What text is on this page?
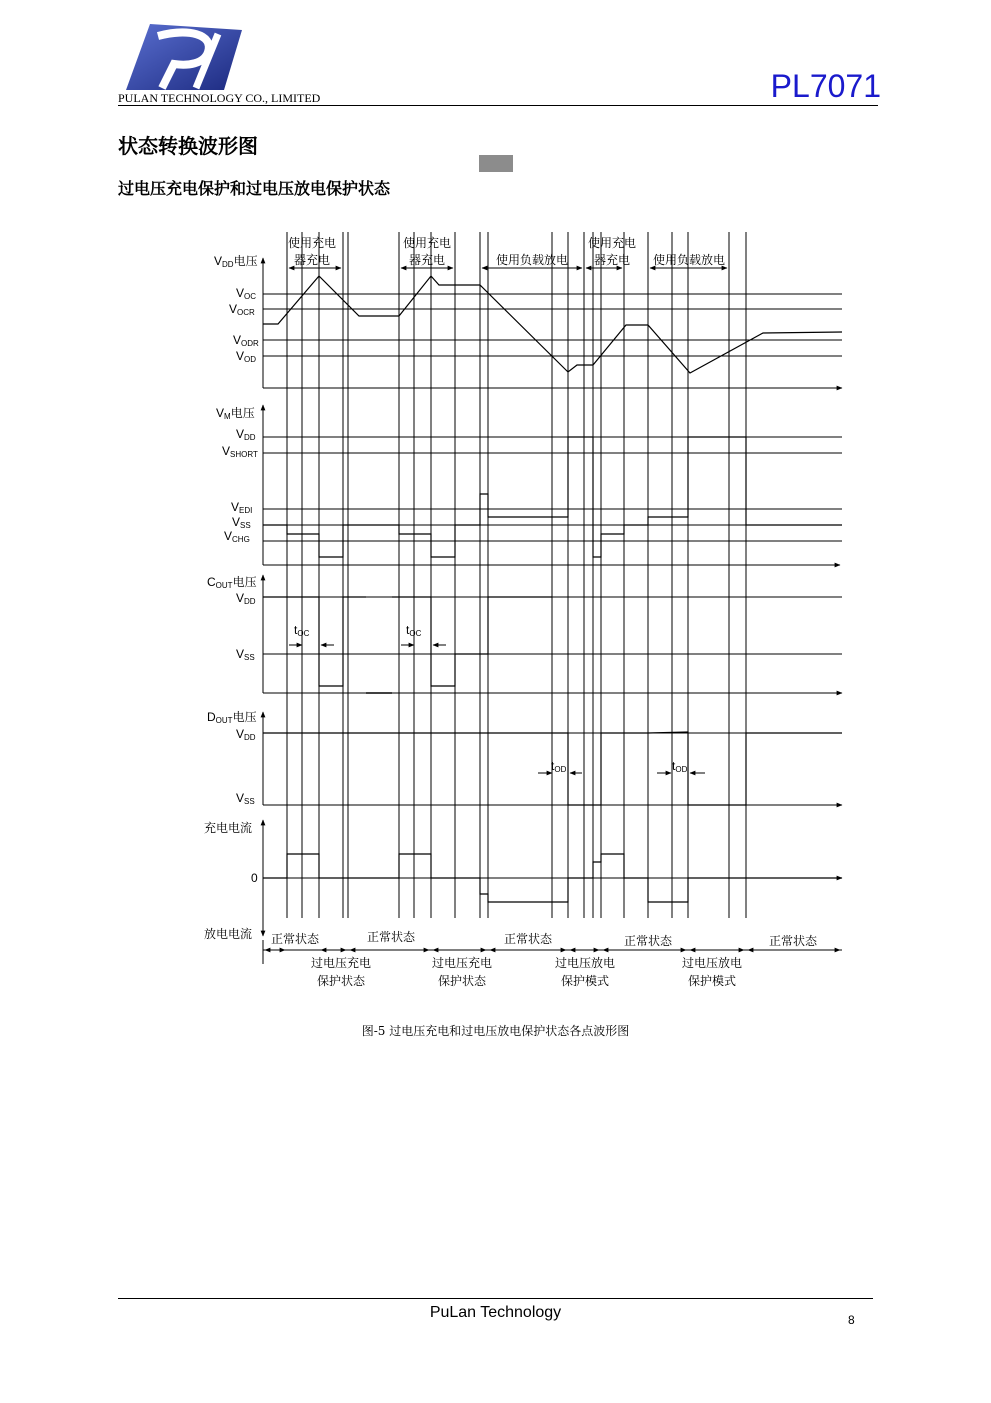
PULAN TECHNOLOGY CO., LIMITED	PL7071
状态转换波形图
过电压充电保护和过电压放电保护状态
使用充电
器充电
使用充电
器充电	使用负载放电
使用充电
器充电 使用负载放电
VDD电压
VOC
VOCR
VODR
VOD
VM电压
VDD
VSHORT
VEDI
VSS
VCHG
tOC	tOC
COUT电压
VDD
VSS
tOD	tOD
DOUT电压
VDD
VSS
充电电流
0
放电电流 正常状态	正常状态	正常状态	正常状态	正常状态
过电压充电
保护状态
过电压充电
保护状态
过电压放电
保护模式
过电压放电
保护模式
图-5 过电压充电和过电压放电保护状态各点波形图
PuLan Technology	8
